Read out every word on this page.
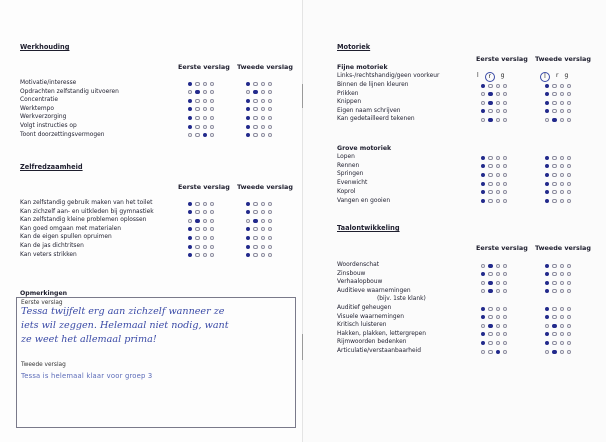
Werkhouding
Eerste verslag Tweede verslag
Motivatie/interesse
Opdrachten zelfstandig uitvoeren
Concentratie
Werktempo
Werkverzorging
Volgt instructies op
Toont doorzettingsvermogen
Zelfredzaamheid
Eerste verslag Tweede verslag
Kan zelfstandig gebruik maken van het toilet
Kan zichzelf aan- en uitkleden bij gymnastiek
Kan zelfstandig kleine problemen oplossen
Kan goed omgaan met materialen
Kan de eigen spullen opruimen
Kan de jas dichtritsen
Kan veters strikken
Opmerkingen
Eerste verslag
Tessa twijfelt erg aan zichzelf wanneer ze
iets wil zeggen. Helemaal niet nodig, want
ze weet het allemaal prima!
Tweede verslag
Tessa is helemaal klaar voor groep 3
Motoriek
Eerste verslag Tweede verslag
Fijne motoriek
Links-/rechtshandig/geen voorkeur	l	r	g	l	r g
Binnen de lijnen kleuren
Prikken
Knippen
Eigen naam schrijven
Kan gedetailleerd tekenen
Grove motoriek
Lopen
Rennen
Springen
Evenwicht
Koprol
Vangen en gooien
Taalontwikkeling
Eerste verslag Tweede verslag
Woordenschat
Zinsbouw
Verhaalopbouw
Auditieve waarnemingen
(bijv. 1ste klank)
Auditief geheugen
Visuele waarnemingen
Kritisch luisteren
Hakken, plakken, lettergrepen
Rijmwoorden bedenken
Articulatie/verstaanbaarheid
